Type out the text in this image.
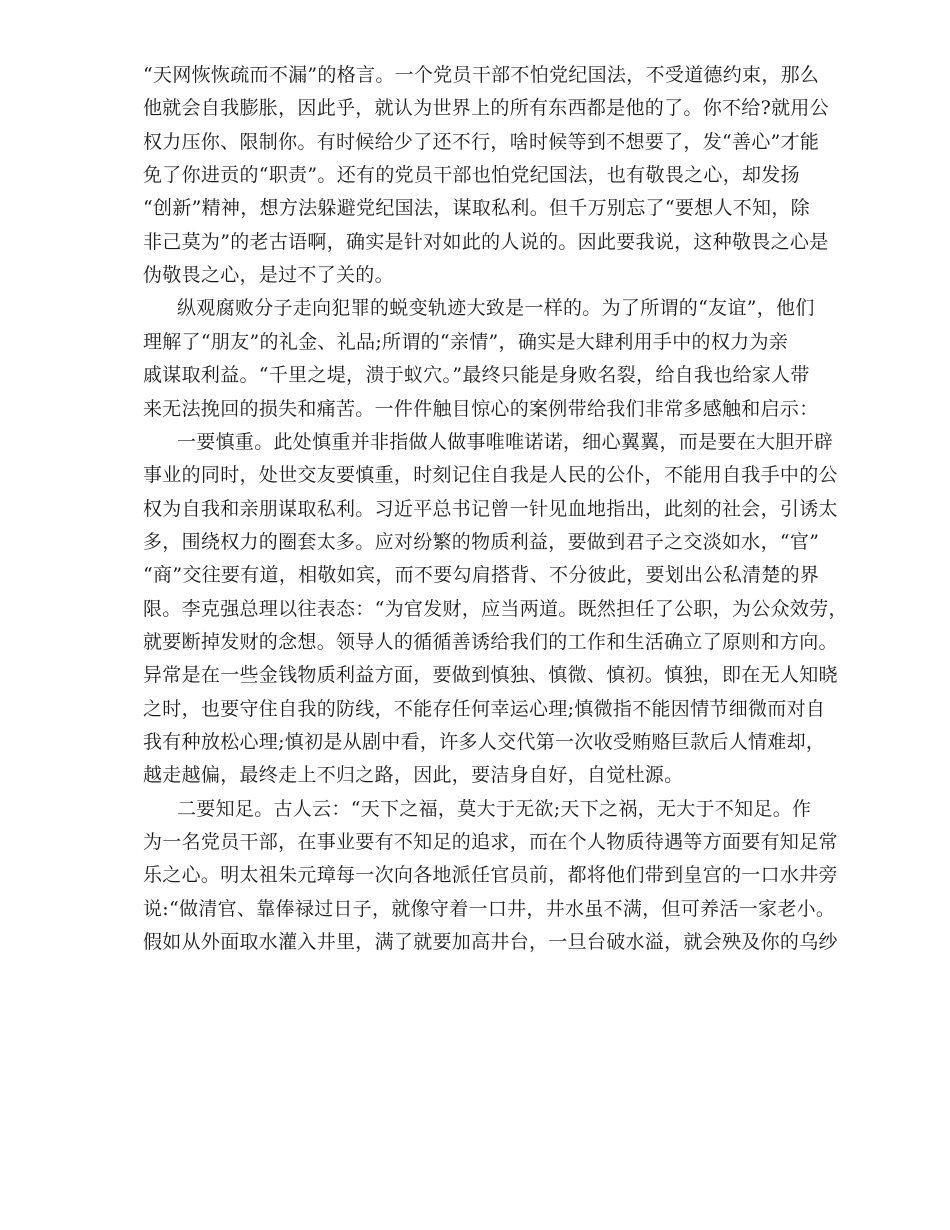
“天网恢恢疏而不漏”的格言。一个党员干部不怕党纪国法，不受道德约束，那么
他就会自我膨胀，因此乎，就认为世界上的所有东西都是他的了。你不给?就用公
权力压你、限制你。有时候给少了还不行，啥时候等到不想要了，发“善心”才能
免了你进贡的“职责”。还有的党员干部也怕党纪国法，也有敬畏之心，却发扬
“创新”精神，想方法躲避党纪国法，谋取私利。但千万别忘了“要想人不知，除
非己莫为”的老古语啊，确实是针对如此的人说的。因此要我说，这种敬畏之心是
伪敬畏之心，是过不了关的。
纵观腐败分子走向犯罪的蜕变轨迹大致是一样的。为了所谓的“友谊”，他们
理解了“朋友”的礼金、礼品;所谓的“亲情”，确实是大肆利用手中的权力为亲
戚谋取利益。“千里之堤，溃于蚁穴。”最终只能是身败名裂，给自我也给家人带
来无法挽回的损失和痛苦。一件件触目惊心的案例带给我们非常多感触和启示：
一要慎重。此处慎重并非指做人做事唯唯诺诺，细心翼翼，而是要在大胆开辟
事业的同时，处世交友要慎重，时刻记住自我是人民的公仆，不能用自我手中的公
权为自我和亲朋谋取私利。习近平总书记曾一针见血地指出，此刻的社会，引诱太
多，围绕权力的圈套太多。应对纷繁的物质利益，要做到君子之交淡如水，“官”
“商”交往要有道，相敬如宾，而不要勾肩搭背、不分彼此，要划出公私清楚的界
限。李克强总理以往表态：“为官发财，应当两道。既然担任了公职，为公众效劳，
就要断掉发财的念想。领导人的循循善诱给我们的工作和生活确立了原则和方向。
异常是在一些金钱物质利益方面，要做到慎独、慎微、慎初。慎独，即在无人知晓
之时，也要守住自我的防线，不能存任何幸运心理;慎微指不能因情节细微而对自
我有种放松心理;慎初是从剧中看，许多人交代第一次收受贿赂巨款后人情难却，
越走越偏，最终走上不归之路，因此，要洁身自好，自觉杜源。
二要知足。古人云：“天下之福，莫大于无欲;天下之祸，无大于不知足。作
为一名党员干部，在事业要有不知足的追求，而在个人物质待遇等方面要有知足常
乐之心。明太祖朱元璋每一次向各地派任官员前，都将他们带到皇宫的一口水井旁
说:“做清官、靠俸禄过日子，就像守着一口井，井水虽不满，但可养活一家老小。
假如从外面取水灌入井里，满了就要加高井台，一旦台破水溢，就会殃及你的乌纱
